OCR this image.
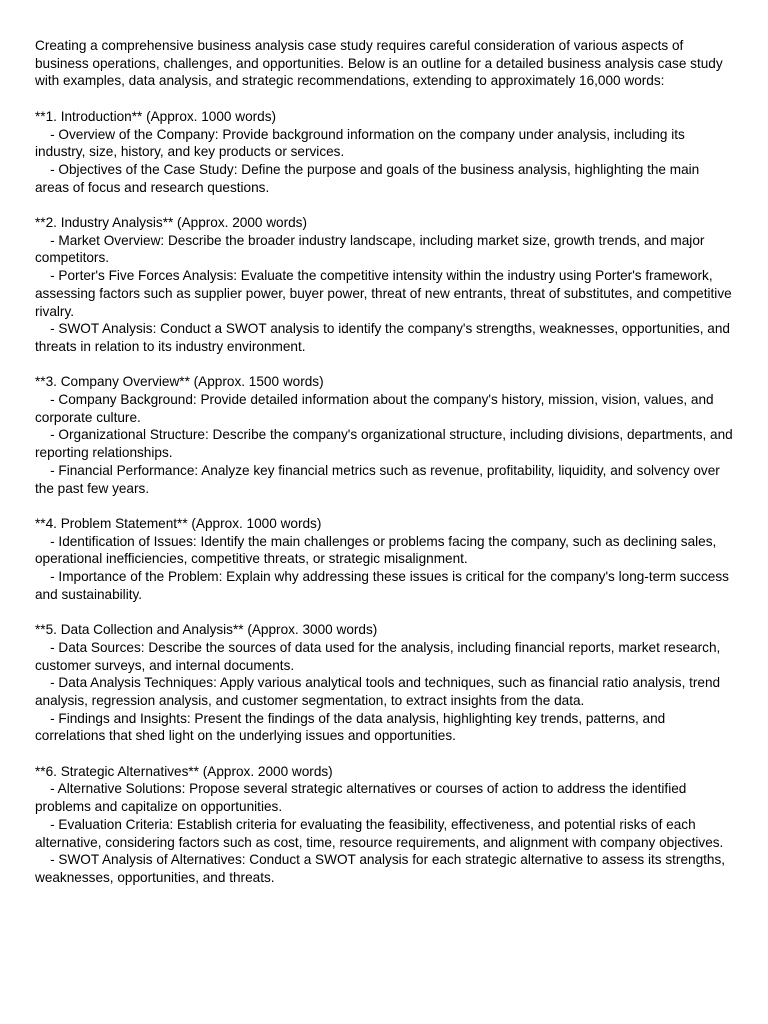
Creating a comprehensive business analysis case study requires careful consideration of various aspects of business operations, challenges, and opportunities. Below is an outline for a detailed business analysis case study with examples, data analysis, and strategic recommendations, extending to approximately 16,000 words:

**1. Introduction** (Approx. 1000 words)
- Overview of the Company: Provide background information on the company under analysis, including its industry, size, history, and key products or services.
- Objectives of the Case Study: Define the purpose and goals of the business analysis, highlighting the main areas of focus and research questions.
**2. Industry Analysis** (Approx. 2000 words)
- Market Overview: Describe the broader industry landscape, including market size, growth trends, and major competitors.
- Porter's Five Forces Analysis: Evaluate the competitive intensity within the industry using Porter's framework, assessing factors such as supplier power, buyer power, threat of new entrants, threat of substitutes, and competitive rivalry.
- SWOT Analysis: Conduct a SWOT analysis to identify the company's strengths, weaknesses, opportunities, and threats in relation to its industry environment.
**3. Company Overview** (Approx. 1500 words)
- Company Background: Provide detailed information about the company's history, mission, vision, values, and corporate culture.
- Organizational Structure: Describe the company's organizational structure, including divisions, departments, and reporting relationships.
- Financial Performance: Analyze key financial metrics such as revenue, profitability, liquidity, and solvency over the past few years.
**4. Problem Statement** (Approx. 1000 words)
- Identification of Issues: Identify the main challenges or problems facing the company, such as declining sales, operational inefficiencies, competitive threats, or strategic misalignment.
- Importance of the Problem: Explain why addressing these issues is critical for the company's long-term success and sustainability.
**5. Data Collection and Analysis** (Approx. 3000 words)
- Data Sources: Describe the sources of data used for the analysis, including financial reports, market research, customer surveys, and internal documents.
- Data Analysis Techniques: Apply various analytical tools and techniques, such as financial ratio analysis, trend analysis, regression analysis, and customer segmentation, to extract insights from the data.
- Findings and Insights: Present the findings of the data analysis, highlighting key trends, patterns, and correlations that shed light on the underlying issues and opportunities.
**6. Strategic Alternatives** (Approx. 2000 words)
- Alternative Solutions: Propose several strategic alternatives or courses of action to address the identified problems and capitalize on opportunities.
- Evaluation Criteria: Establish criteria for evaluating the feasibility, effectiveness, and potential risks of each alternative, considering factors such as cost, time, resource requirements, and alignment with company objectives.
- SWOT Analysis of Alternatives: Conduct a SWOT analysis for each strategic alternative to assess its strengths, weaknesses, opportunities, and threats.
